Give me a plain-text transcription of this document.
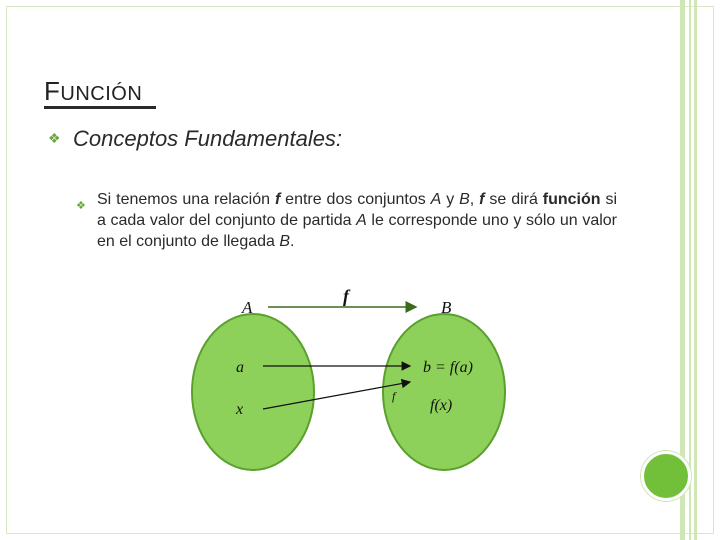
FUNCIÓN
❖ Conceptos Fundamentales:
❖ Si tenemos una relación f entre dos conjuntos A y B, f se dirá función si a cada valor del conjunto de partida A le corresponde uno y sólo un valor en el conjunto de llegada B.
A	B
f
a
x
b = f(a)
f
f(x)
